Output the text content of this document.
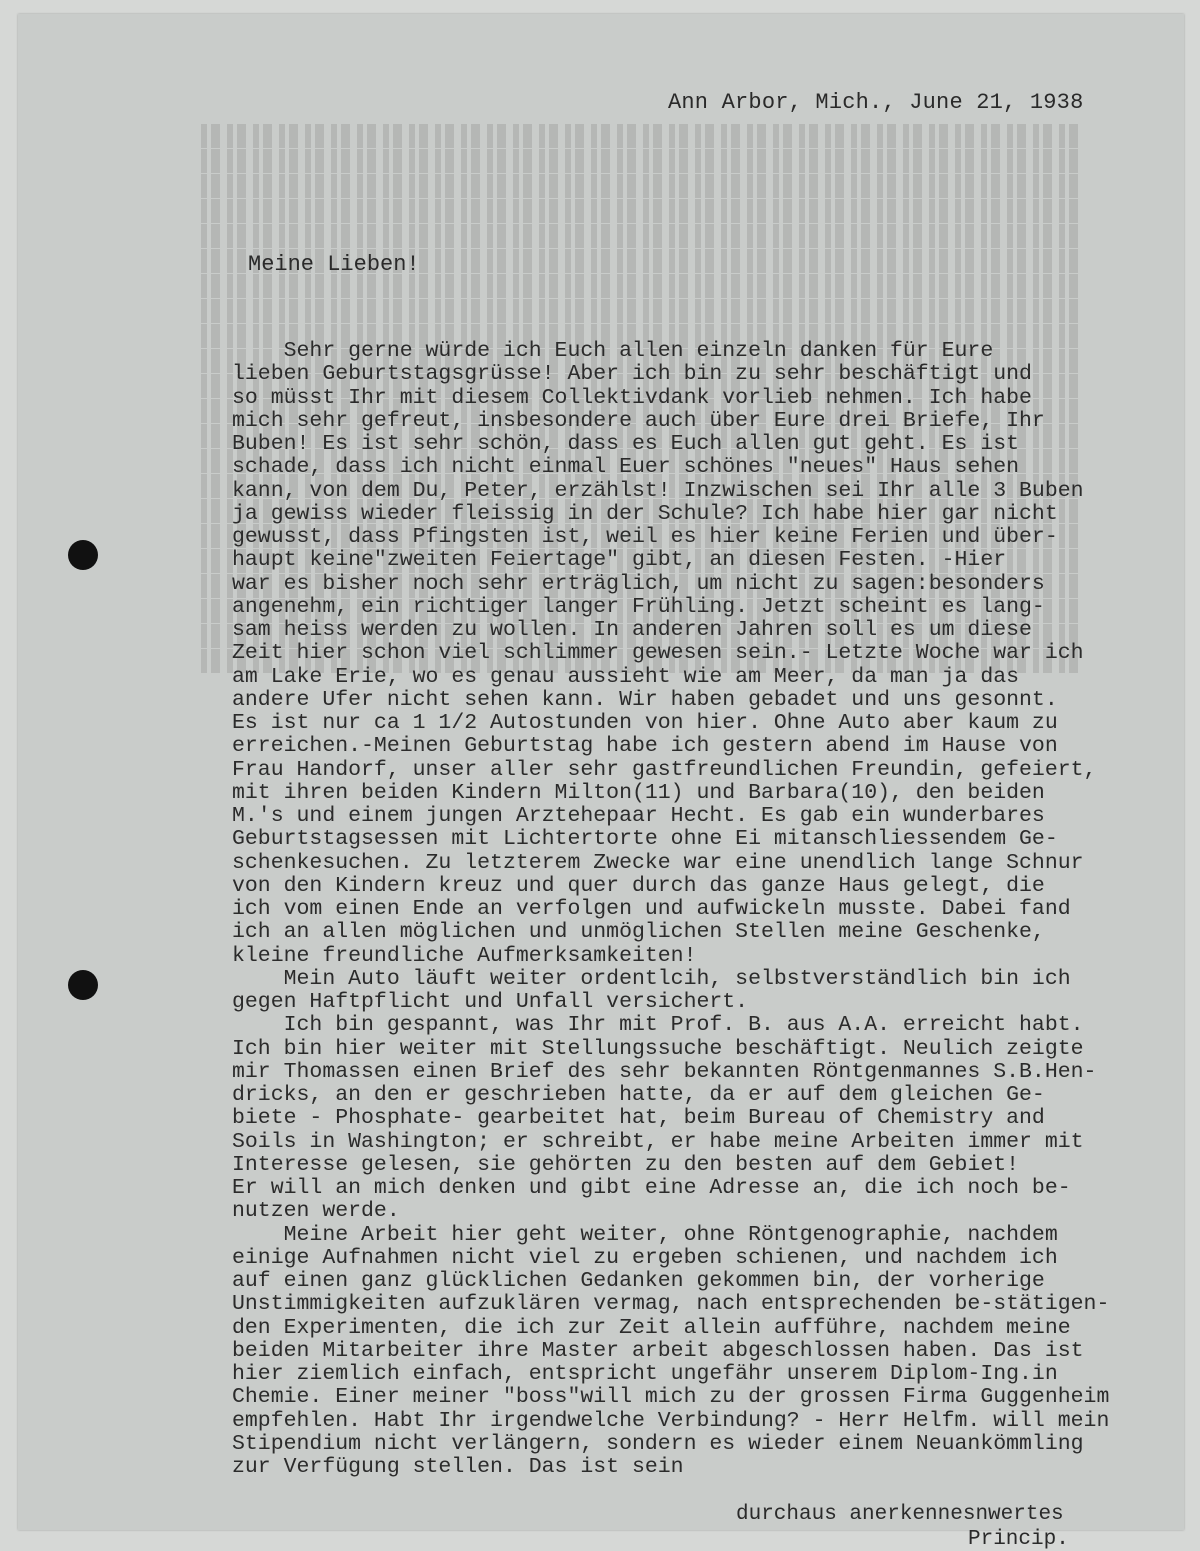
Ann Arbor, Mich., June 21, 1938
Meine Lieben!
Sehr gerne würde ich Euch allen einzeln danken für Eure
lieben Geburtstagsgrüsse! Aber ich bin zu sehr beschäftigt und
so müsst Ihr mit diesem Collektivdank vorlieb nehmen. Ich habe
mich sehr gefreut, insbesondere auch über Eure drei Briefe, Ihr
Buben! Es ist sehr schön, dass es Euch allen gut geht. Es ist
schade, dass ich nicht einmal Euer schönes "neues" Haus sehen
kann, von dem Du, Peter, erzählst! Inzwischen sei Ihr alle 3 Buben
ja gewiss wieder fleissig in der Schule? Ich habe hier gar nicht
gewusst, dass Pfingsten ist, weil es hier keine Ferien und über-
haupt keine"zweiten Feiertage" gibt, an diesen Festen. -Hier
war es bisher noch sehr erträglich, um nicht zu sagen:besonders
angenehm, ein richtiger langer Frühling. Jetzt scheint es lang-
sam heiss werden zu wollen. In anderen Jahren soll es um diese
Zeit hier schon viel schlimmer gewesen sein.- Letzte Woche war ich
am Lake Erie, wo es genau aussieht wie am Meer, da man ja das
andere Ufer nicht sehen kann. Wir haben gebadet und uns gesonnt.
Es ist nur ca 1 1/2 Autostunden von hier. Ohne Auto aber kaum zu
erreichen.-Meinen Geburtstag habe ich gestern abend im Hause von
Frau Handorf, unser aller sehr gastfreundlichen Freundin, gefeiert,
mit ihren beiden Kindern Milton(11) und Barbara(10), den beiden
M.'s und einem jungen Arztehepaar Hecht. Es gab ein wunderbares
Geburtstagsessen mit Lichtertorte ohne Ei mitanschliessendem Ge-
schenkesuchen. Zu letzterem Zwecke war eine unendlich lange Schnur
von den Kindern kreuz und quer durch das ganze Haus gelegt, die
ich vom einen Ende an verfolgen und aufwickeln musste. Dabei fand
ich an allen möglichen und unmöglichen Stellen meine Geschenke,
kleine freundliche Aufmerksamkeiten!
Mein Auto läuft weiter ordentlcih, selbstverständlich bin ich
gegen Haftpflicht und Unfall versichert.
Ich bin gespannt, was Ihr mit Prof. B. aus A.A. erreicht habt.
Ich bin hier weiter mit Stellungssuche beschäftigt. Neulich zeigte
mir Thomassen einen Brief des sehr bekannten Röntgenmannes S.B.Hen-
dricks, an den er geschrieben hatte, da er auf dem gleichen Ge-
biete - Phosphate- gearbeitet hat, beim Bureau of Chemistry and
Soils in Washington; er schreibt, er habe meine Arbeiten immer mit
Interesse gelesen, sie gehörten zu den besten auf dem Gebiet!
Er will an mich denken und gibt eine Adresse an, die ich noch be-
nutzen werde.
Meine Arbeit hier geht weiter, ohne Röntgenographie, nachdem
einige Aufnahmen nicht viel zu ergeben schienen, und nachdem ich
auf einen ganz glücklichen Gedanken gekommen bin, der vorherige
Unstimmigkeiten aufzuklären vermag, nach entsprechenden be-stätigen-
den Experimenten, die ich zur Zeit allein aufführe, nachdem meine
beiden Mitarbeiter ihre Master arbeit abgeschlossen haben. Das ist
hier ziemlich einfach, entspricht ungefähr unserem Diplom-Ing.in
Chemie. Einer meiner "boss"will mich zu der grossen Firma Guggenheim
empfehlen. Habt Ihr irgendwelche Verbindung? - Herr Helfm. will mein
Stipendium nicht verlängern, sondern es wieder einem Neuankömmling
zur Verfügung stellen. Das ist sein
durchaus anerkennesnwertes
Princip.
